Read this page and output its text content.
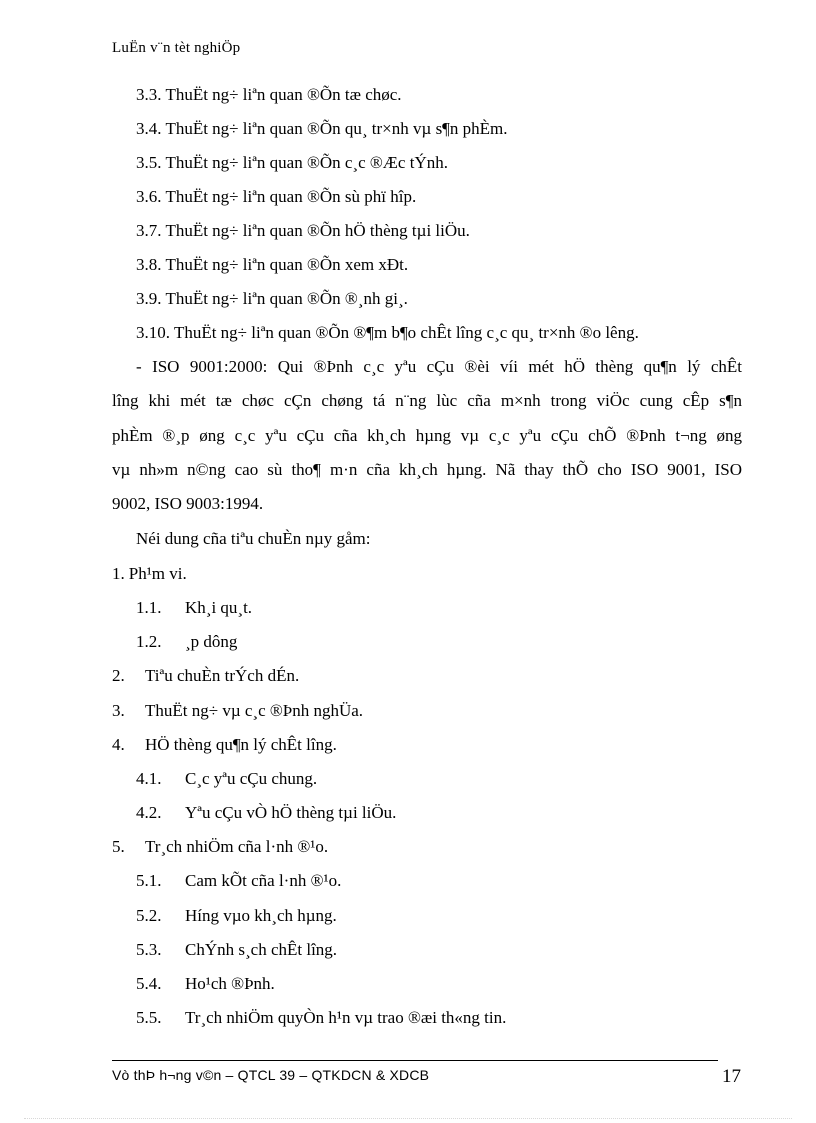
LuËn v¨n tèt nghiÖp
3.3. ThuËt ng÷ liªn quan ®Õn tæ chøc.
3.4. ThuËt ng÷ liªn quan ®Õn qu¸ tr×nh vµ s¶n phÈm.
3.5. ThuËt ng÷ liªn quan ®Õn c¸c ®Æc tÝnh.
3.6. ThuËt ng÷ liªn quan ®Õn sù phï hîp.
3.7. ThuËt ng÷ liªn quan ®Õn hÖ thèng tµi liÖu.
3.8. ThuËt ng÷ liªn quan ®Õn xem xÐt.
3.9. ThuËt ng÷ liªn quan ®Õn ®¸nh gi¸.
3.10. ThuËt ng÷ liªn quan ®Õn ®¶m b¶o chÊt lîng c¸c qu¸ tr×nh ®o lêng.
- ISO 9001:2000: Qui ®Þnh c¸c yªu cÇu ®èi víi mét hÖ thèng qu¶n lý chÊt
lîng khi mét tæ chøc cÇn chøng tá n¨ng lùc cña m×nh trong viÖc cung cÊp s¶n
phÈm ®¸p øng c¸c yªu cÇu cña kh¸ch hµng vµ c¸c yªu cÇu chÕ ®Þnh t¬ng øng
vµ nh»m n©ng cao sù tho¶ m·n cña kh¸ch hµng. Nã thay thÕ cho ISO 9001, ISO
9002, ISO 9003:1994.
Néi dung cña tiªu chuÈn nµy gåm:
1. Ph¹m vi.
1.1. Kh¸i qu¸t.
1.2. ¸p dông
2. Tiªu chuÈn trÝch dÉn.
3. ThuËt ng÷ vµ c¸c ®Þnh nghÜa.
4. HÖ thèng qu¶n lý chÊt lîng.
4.1. C¸c yªu cÇu chung.
4.2. Yªu cÇu vÒ hÖ thèng tµi liÖu.
5. Tr¸ch nhiÖm cña l·nh ®¹o.
5.1. Cam kÕt cña l·nh ®¹o.
5.2. Híng vµo kh¸ch hµng.
5.3. ChÝnh s¸ch chÊt lîng.
5.4. Ho¹ch ®Þnh.
5.5. Tr¸ch nhiÖm quyÒn h¹n vµ trao ®æi th«ng tin.
Vò thÞ h¬ng v©n – QTCL 39 – QTKDCN & XDCB	17
